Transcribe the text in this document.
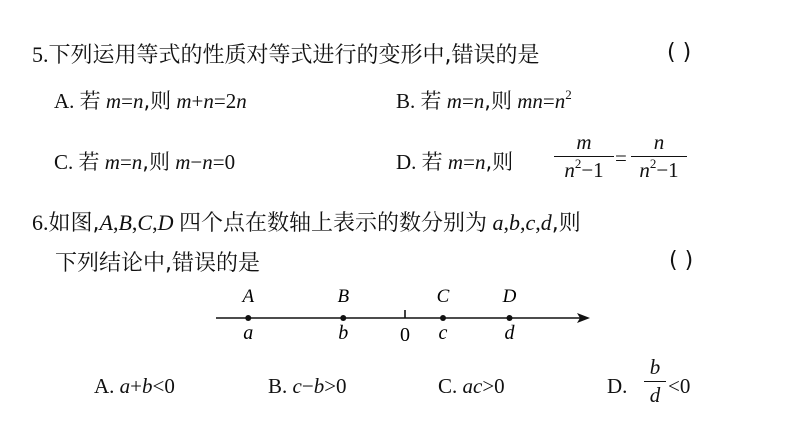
5.下列运用等式的性质对等式进行的变形中,错误的是	( )
A. 若 m=n,则 m+n=2n	B. 若 m=n,则 $mn=n^2$
C. 若 m=n,则 m−n=0	D. 若 m=n,则
m
$n^2-1$ =
n
$n^2-1$
6.如图,A,B,C,D 四个点在数轴上表示的数分别为 a,b,c,d,则
下列结论中,错误的是	( )
0
A
a
B
b
C
c
D
d
A. a+b<0	B. c−b>0	C. ac>0	D.
b
d <0
